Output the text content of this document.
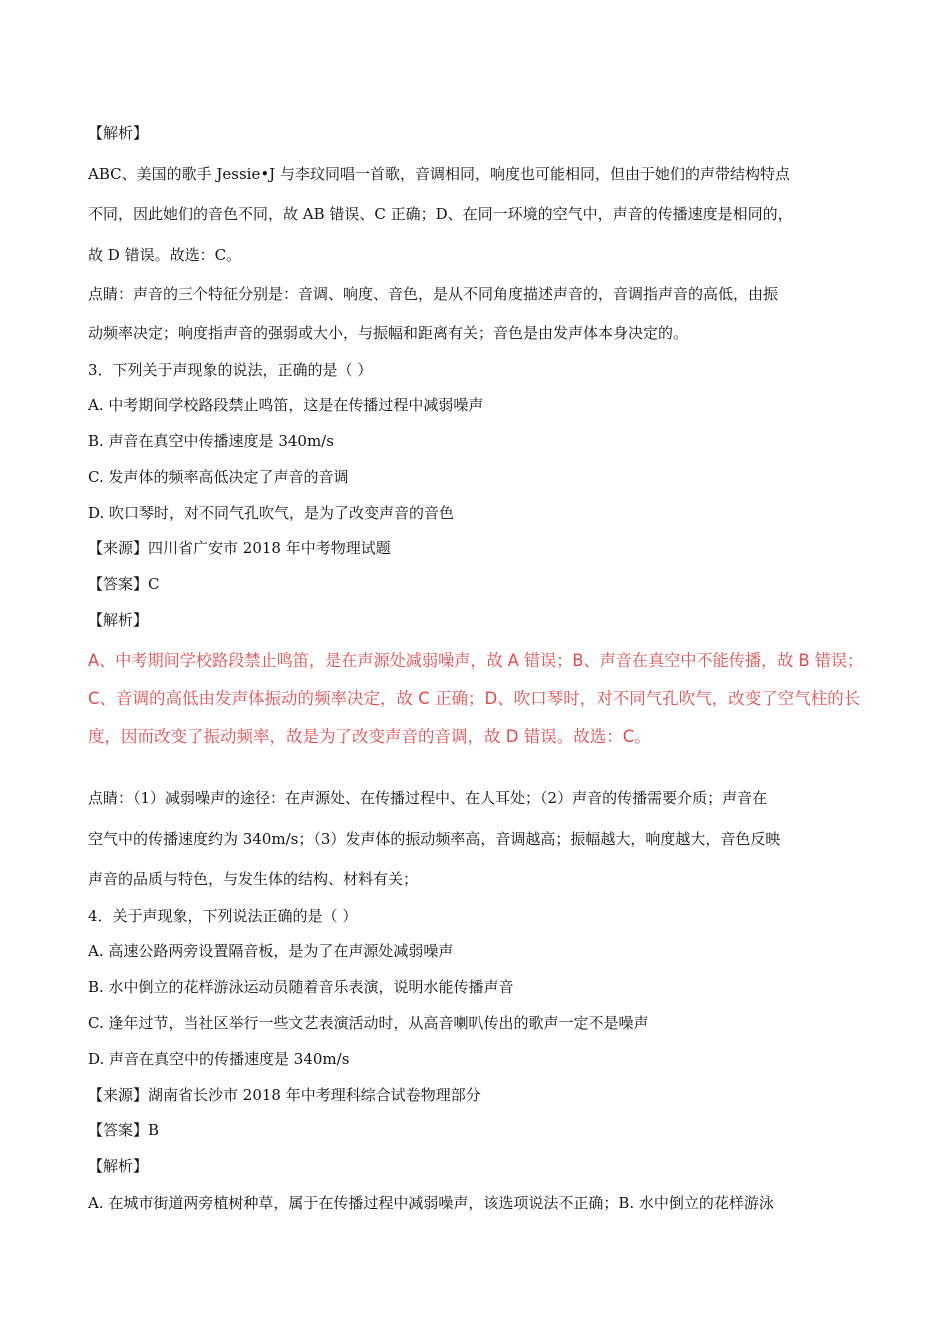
【解析】
ABC、美国的歌手 Jessie•J 与李玟同唱一首歌，音调相同，响度也可能相同，但由于她们的声带结构特点
不同，因此她们的音色不同，故 AB 错误、C 正确；D、在同一环境的空气中，声音的传播速度是相同的，
故 D 错误。故选：C。
点睛：声音的三个特征分别是：音调、响度、音色，是从不同角度描述声音的，音调指声音的高低，由振
动频率决定；响度指声音的强弱或大小，与振幅和距离有关；音色是由发声体本身决定的。
3．下列关于声现象的说法，正确的是（ ）
A. 中考期间学校路段禁止鸣笛，这是在传播过程中减弱噪声
B. 声音在真空中传播速度是 340m/s
C. 发声体的频率高低决定了声音的音调
D. 吹口琴时，对不同气孔吹气，是为了改变声音的音色
【来源】四川省广安市 2018 年中考物理试题
【答案】C
【解析】
A、中考期间学校路段禁止鸣笛，是在声源处减弱噪声，故 A 错误；B、声音在真空中不能传播，故 B 错误；
C、音调的高低由发声体振动的频率决定，故 C 正确；D、吹口琴时，对不同气孔吹气，改变了空气柱的长
度，因而改变了振动频率，故是为了改变声音的音调，故 D 错误。故选：C。
点睛：（1）减弱噪声的途径：在声源处、在传播过程中、在人耳处；（2）声音的传播需要介质；声音在
空气中的传播速度约为 340m/s；（3）发声体的振动频率高，音调越高；振幅越大，响度越大，音色反映
声音的品质与特色，与发生体的结构、材料有关；
4．关于声现象，下列说法正确的是（ ）
A. 高速公路两旁设置隔音板，是为了在声源处减弱噪声
B. 水中倒立的花样游泳运动员随着音乐表演，说明水能传播声音
C. 逢年过节，当社区举行一些文艺表演活动时，从高音喇叭传出的歌声一定不是噪声
D. 声音在真空中的传播速度是 340m/s
【来源】湖南省长沙市 2018 年中考理科综合试卷物理部分
【答案】B
【解析】
A. 在城市街道两旁植树种草，属于在传播过程中减弱噪声，该选项说法不正确；B. 水中倒立的花样游泳
